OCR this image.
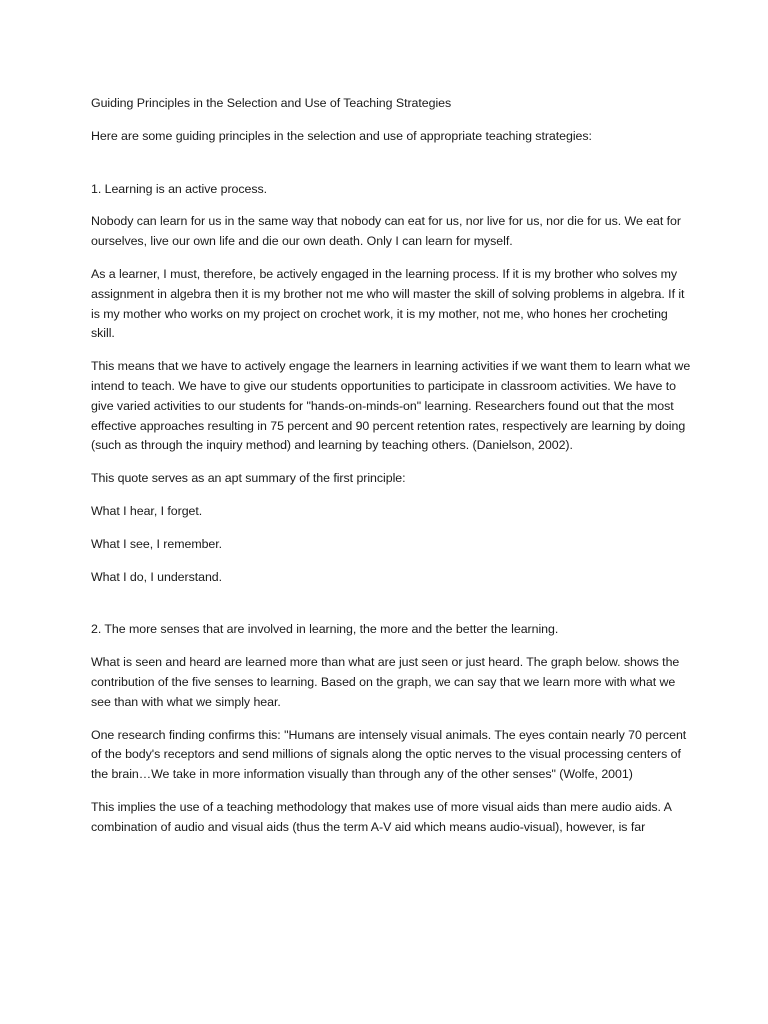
Guiding Principles in the Selection and Use of Teaching Strategies

Here are some guiding principles in the selection and use of appropriate teaching strategies:

1. Learning is an active process.

Nobody can learn for us in the same way that nobody can eat for us, nor live for us, nor die for us. We eat for ourselves, live our own life and die our own death. Only I can learn for myself.

As a learner, I must, therefore, be actively engaged in the learning process. If it is my brother who solves my assignment in algebra then it is my brother not me who will master the skill of solving problems in algebra. If it is my mother who works on my project on crochet work, it is my mother, not me, who hones her crocheting skill.

This means that we have to actively engage the learners in learning activities if we want them to learn what we intend to teach. We have to give our students opportunities to participate in classroom activities. We have to give varied activities to our students for "hands-on-minds-on" learning. Researchers found out that the most effective approaches resulting in 75 percent and 90 percent retention rates, respectively are learning by doing (such as through the inquiry method) and learning by teaching others. (Danielson, 2002).

This quote serves as an apt summary of the first principle:

What I hear, I forget.

What I see, I remember.

What I do, I understand.

2. The more senses that are involved in learning, the more and the better the learning.

What is seen and heard are learned more than what are just seen or just heard. The graph below. shows the contribution of the five senses to learning. Based on the graph, we can say that we learn more with what we see than with what we simply hear.

One research finding confirms this: "Humans are intensely visual animals. The eyes contain nearly 70 percent of the body's receptors and send millions of signals along the optic nerves to the visual processing centers of the brain…We take in more information visually than through any of the other senses" (Wolfe, 2001)

This implies the use of a teaching methodology that makes use of more visual aids than mere audio aids. A combination of audio and visual aids (thus the term A-V aid which means audio-visual), however, is far
